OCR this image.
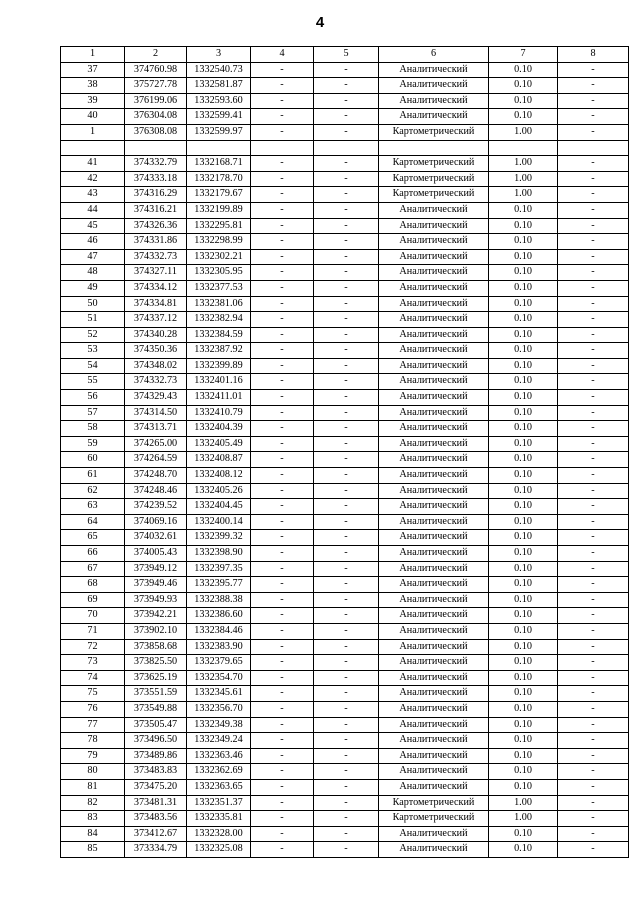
4
1	2	3	4	5	6	7	8
37	374760.98	1332540.73	-	-	Аналитический	0.10	-
38	375727.78	1332581.87	-	-	Аналитический	0.10	-
39	376199.06	1332593.60	-	-	Аналитический	0.10	-
40	376304.08	1332599.41	-	-	Аналитический	0.10	-
1	376308.08	1332599.97	-	-	Картометрический	1.00	-

41	374332.79	1332168.71	-	-	Картометрический	1.00	-
42	374333.18	1332178.70	-	-	Картометрический	1.00	-
43	374316.29	1332179.67	-	-	Картометрический	1.00	-
44	374316.21	1332199.89	-	-	Аналитический	0.10	-
45	374326.36	1332295.81	-	-	Аналитический	0.10	-
46	374331.86	1332298.99	-	-	Аналитический	0.10	-
47	374332.73	1332302.21	-	-	Аналитический	0.10	-
48	374327.11	1332305.95	-	-	Аналитический	0.10	-
49	374334.12	1332377.53	-	-	Аналитический	0.10	-
50	374334.81	1332381.06	-	-	Аналитический	0.10	-
51	374337.12	1332382.94	-	-	Аналитический	0.10	-
52	374340.28	1332384.59	-	-	Аналитический	0.10	-
53	374350.36	1332387.92	-	-	Аналитический	0.10	-
54	374348.02	1332399.89	-	-	Аналитический	0.10	-
55	374332.73	1332401.16	-	-	Аналитический	0.10	-
56	374329.43	1332411.01	-	-	Аналитический	0.10	-
57	374314.50	1332410.79	-	-	Аналитический	0.10	-
58	374313.71	1332404.39	-	-	Аналитический	0.10	-
59	374265.00	1332405.49	-	-	Аналитический	0.10	-
60	374264.59	1332408.87	-	-	Аналитический	0.10	-
61	374248.70	1332408.12	-	-	Аналитический	0.10	-
62	374248.46	1332405.26	-	-	Аналитический	0.10	-
63	374239.52	1332404.45	-	-	Аналитический	0.10	-
64	374069.16	1332400.14	-	-	Аналитический	0.10	-
65	374032.61	1332399.32	-	-	Аналитический	0.10	-
66	374005.43	1332398.90	-	-	Аналитический	0.10	-
67	373949.12	1332397.35	-	-	Аналитический	0.10	-
68	373949.46	1332395.77	-	-	Аналитический	0.10	-
69	373949.93	1332388.38	-	-	Аналитический	0.10	-
70	373942.21	1332386.60	-	-	Аналитический	0.10	-
71	373902.10	1332384.46	-	-	Аналитический	0.10	-
72	373858.68	1332383.90	-	-	Аналитический	0.10	-
73	373825.50	1332379.65	-	-	Аналитический	0.10	-
74	373625.19	1332354.70	-	-	Аналитический	0.10	-
75	373551.59	1332345.61	-	-	Аналитический	0.10	-
76	373549.88	1332356.70	-	-	Аналитический	0.10	-
77	373505.47	1332349.38	-	-	Аналитический	0.10	-
78	373496.50	1332349.24	-	-	Аналитический	0.10	-
79	373489.86	1332363.46	-	-	Аналитический	0.10	-
80	373483.83	1332362.69	-	-	Аналитический	0.10	-
81	373475.20	1332363.65	-	-	Аналитический	0.10	-
82	373481.31	1332351.37	-	-	Картометрический	1.00	-
83	373483.56	1332335.81	-	-	Картометрический	1.00	-
84	373412.67	1332328.00	-	-	Аналитический	0.10	-
85	373334.79	1332325.08	-	-	Аналитический	0.10	-
